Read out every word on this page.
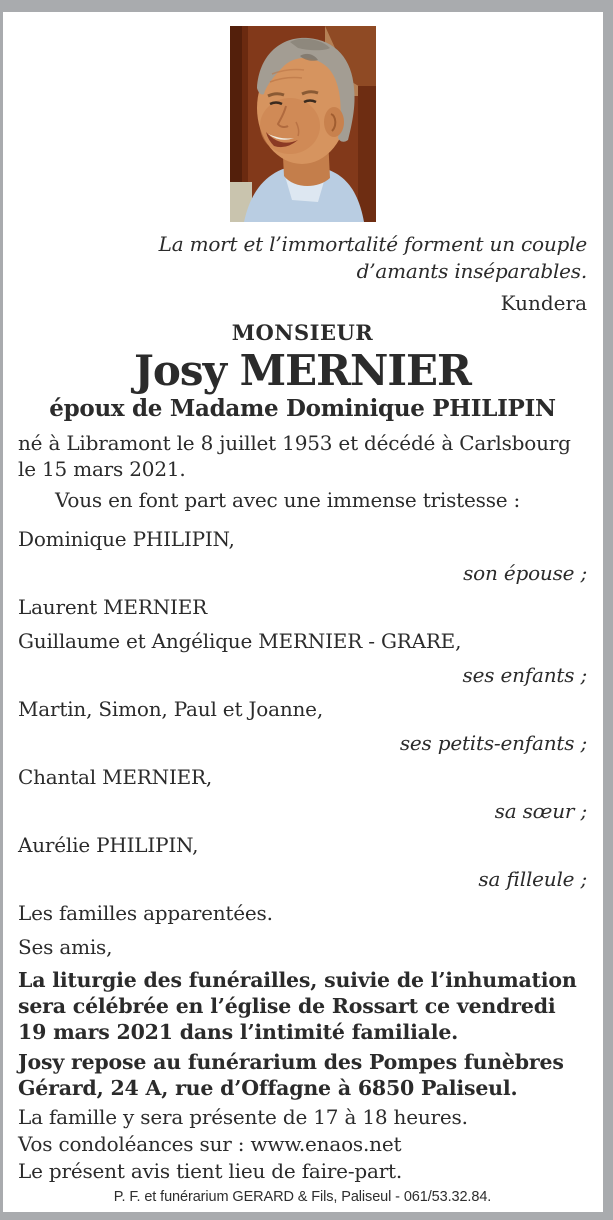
La mort et l’immortalité forment un couple
d’amants inséparables.
Kundera
MONSIEUR
Josy MERNIER
époux de Madame Dominique PHILIPIN
né à Libramont le 8 juillet 1953 et décédé à Carlsbourg le 15 mars 2021.
Vous en font part avec une immense tristesse :
Dominique PHILIPIN,
son épouse ;
Laurent MERNIER
Guillaume et Angélique MERNIER - GRARE,
ses enfants ;
Martin, Simon, Paul et Joanne,
ses petits-enfants ;
Chantal MERNIER,
sa sœur ;
Aurélie PHILIPIN,
sa filleule ;
Les familles apparentées.
Ses amis,
La liturgie des funérailles, suivie de l’inhumation sera célébrée en l’église de Rossart ce vendredi 19 mars 2021 dans l’intimité familiale.
Josy repose au funérarium des Pompes funèbres Gérard, 24 A, rue d’Offagne à 6850 Paliseul.
La famille y sera présente de 17 à 18 heures.
Vos condoléances sur : www.enaos.net
Le présent avis tient lieu de faire-part.
P. F. et funérarium GERARD & Fils, Paliseul - 061/53.32.84.
